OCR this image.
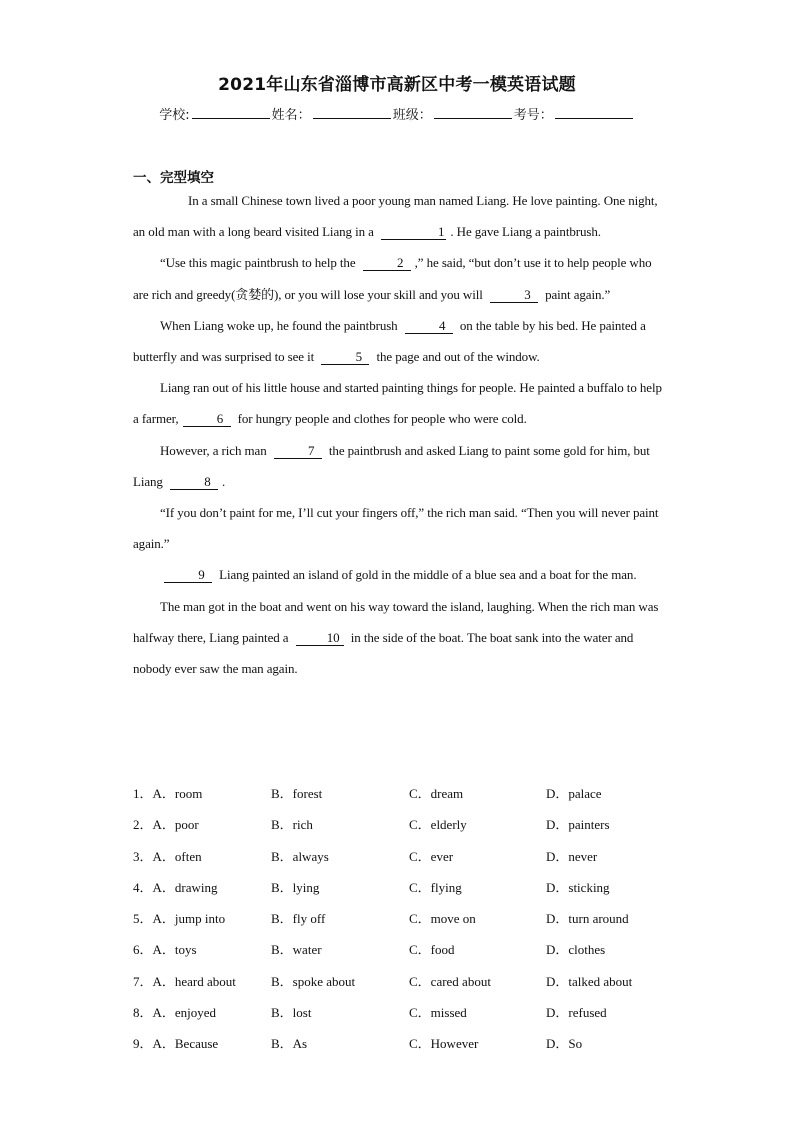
2021年山东省淄博市高新区中考一模英语试题
学校:	姓名：	班级：	考号：
一、完型填空

In a small Chinese town lived a poor young man named Liang. He love painting. One night, an old man with a long beard visited Liang in a	1 . He gave Liang a paintbrush.

“Use this magic paintbrush to help the	2 ,” he said, “but don’t use it to help people who are rich and greedy(贪婪的), or you will lose your skill and you will	3 paint again.”

When Liang woke up, he found the paintbrush	4 on the table by his bed. He painted a butterfly and was surprised to see it	5 the page and out of the window.

Liang ran out of his little house and started painting things for people. He painted a buffalo to help a farmer,	6 for hungry people and clothes for people who were cold.

However, a rich man	7 the paintbrush and asked Liang to paint some gold for him, but Liang	8 .

“If you don’t paint for me, I’ll cut your fingers off,” the rich man said. “Then you will never paint again.”

9 Liang painted an island of gold in the middle of a blue sea and a boat for the man.

The man got in the boat and went on his way toward the island, laughing. When the rich man was halfway there, Liang painted a	10 in the side of the boat. The boat sank into the water and nobody ever saw the man again.

1．A．room	B．forest	C．dream	D．palace
2．A．poor	B．rich	C．elderly	D．painters
3．A．often	B．always	C．ever	D．never
4．A．drawing	B．lying	C．flying	D．sticking
5．A．jump into	B．fly off	C．move on	D．turn around
6．A．toys	B．water	C．food	D．clothes
7．A．heard about	B．spoke about	C．cared about	D．talked about
8．A．enjoyed	B．lost	C．missed	D．refused
9．A．Because	B．As	C．However	D．So
